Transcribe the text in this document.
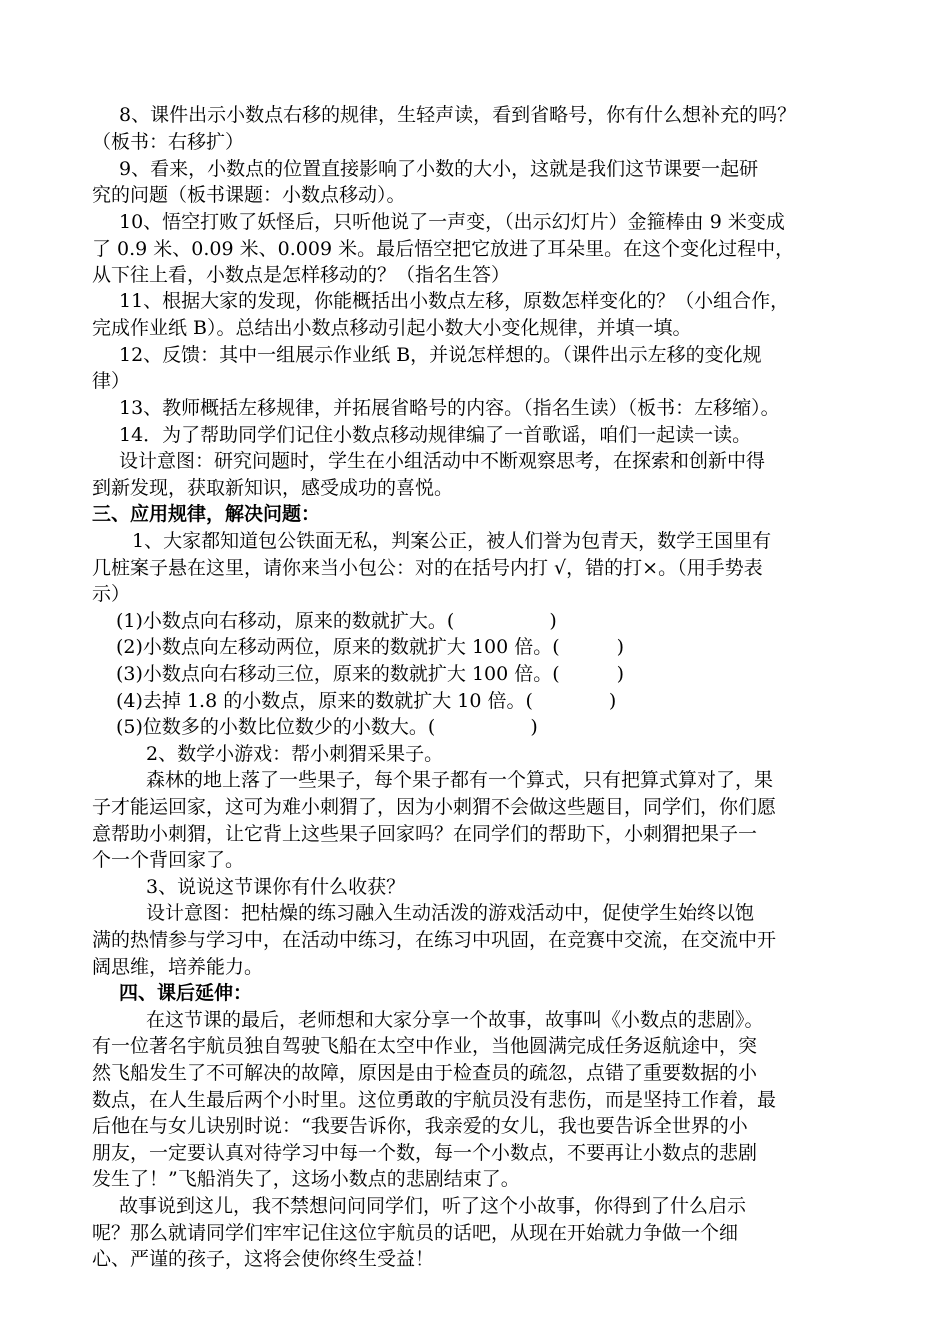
8、课件出示小数点右移的规律，生轻声读，看到省略号，你有什么想补充的吗？
（板书：右移扩）
9、看来，小数点的位置直接影响了小数的大小，这就是我们这节课要一起研
究的问题（板书课题：小数点移动）。
10、悟空打败了妖怪后，只听他说了一声变，（出示幻灯片）金箍棒由 9 米变成
了 0.9 米、0.09 米、0.009 米。最后悟空把它放进了耳朵里。在这个变化过程中，
从下往上看，小数点是怎样移动的？（指名生答）
11、根据大家的发现，你能概括出小数点左移，原数怎样变化的？（小组合作，
完成作业纸 B）。总结出小数点移动引起小数大小变化规律，并填一填。
12、反馈：其中一组展示作业纸 B，并说怎样想的。（课件出示左移的变化规
律）
13、教师概括左移规律，并拓展省略号的内容。（指名生读）（板书：左移缩）。
14．为了帮助同学们记住小数点移动规律编了一首歌谣，咱们一起读一读。
设计意图：研究问题时，学生在小组活动中不断观察思考，在探索和创新中得
到新发现，获取新知识，感受成功的喜悦。
三、应用规律，解决问题：
1、大家都知道包公铁面无私，判案公正，被人们誉为包青天，数学王国里有
几桩案子悬在这里，请你来当小包公：对的在括号内打 √，错的打×。（用手势表
示）
(1)小数点向右移动，原来的数就扩大。(　　　　　)
(2)小数点向左移动两位，原来的数就扩大 100 倍。(　　　)
(3)小数点向右移动三位，原来的数就扩大 100 倍。(　　　)
(4)去掉 1.8 的小数点，原来的数就扩大 10 倍。(　　　　)
(5)位数多的小数比位数少的小数大。(　　　　　)
2、数学小游戏：帮小刺猬采果子。
森林的地上落了一些果子，每个果子都有一个算式，只有把算式算对了，果
子才能运回家，这可为难小刺猬了，因为小刺猬不会做这些题目，同学们，你们愿
意帮助小刺猬，让它背上这些果子回家吗？在同学们的帮助下，小刺猬把果子一
个一个背回家了。
3、说说这节课你有什么收获？
设计意图：把枯燥的练习融入生动活泼的游戏活动中，促使学生始终以饱
满的热情参与学习中，在活动中练习，在练习中巩固，在竞赛中交流，在交流中开
阔思维，培养能力。
四、课后延伸：
在这节课的最后，老师想和大家分享一个故事，故事叫《小数点的悲剧》。
有一位著名宇航员独自驾驶飞船在太空中作业，当他圆满完成任务返航途中，突
然飞船发生了不可解决的故障，原因是由于检查员的疏忽，点错了重要数据的小
数点，在人生最后两个小时里。这位勇敢的宇航员没有悲伤，而是坚持工作着，最
后他在与女儿诀别时说：“我要告诉你，我亲爱的女儿，我也要告诉全世界的小
朋友，一定要认真对待学习中每一个数，每一个小数点，不要再让小数点的悲剧
发生了！”飞船消失了，这场小数点的悲剧结束了。
故事说到这儿，我不禁想问问同学们，听了这个小故事，你得到了什么启示
呢？那么就请同学们牢牢记住这位宇航员的话吧，从现在开始就力争做一个细
心、严谨的孩子，这将会使你终生受益！
